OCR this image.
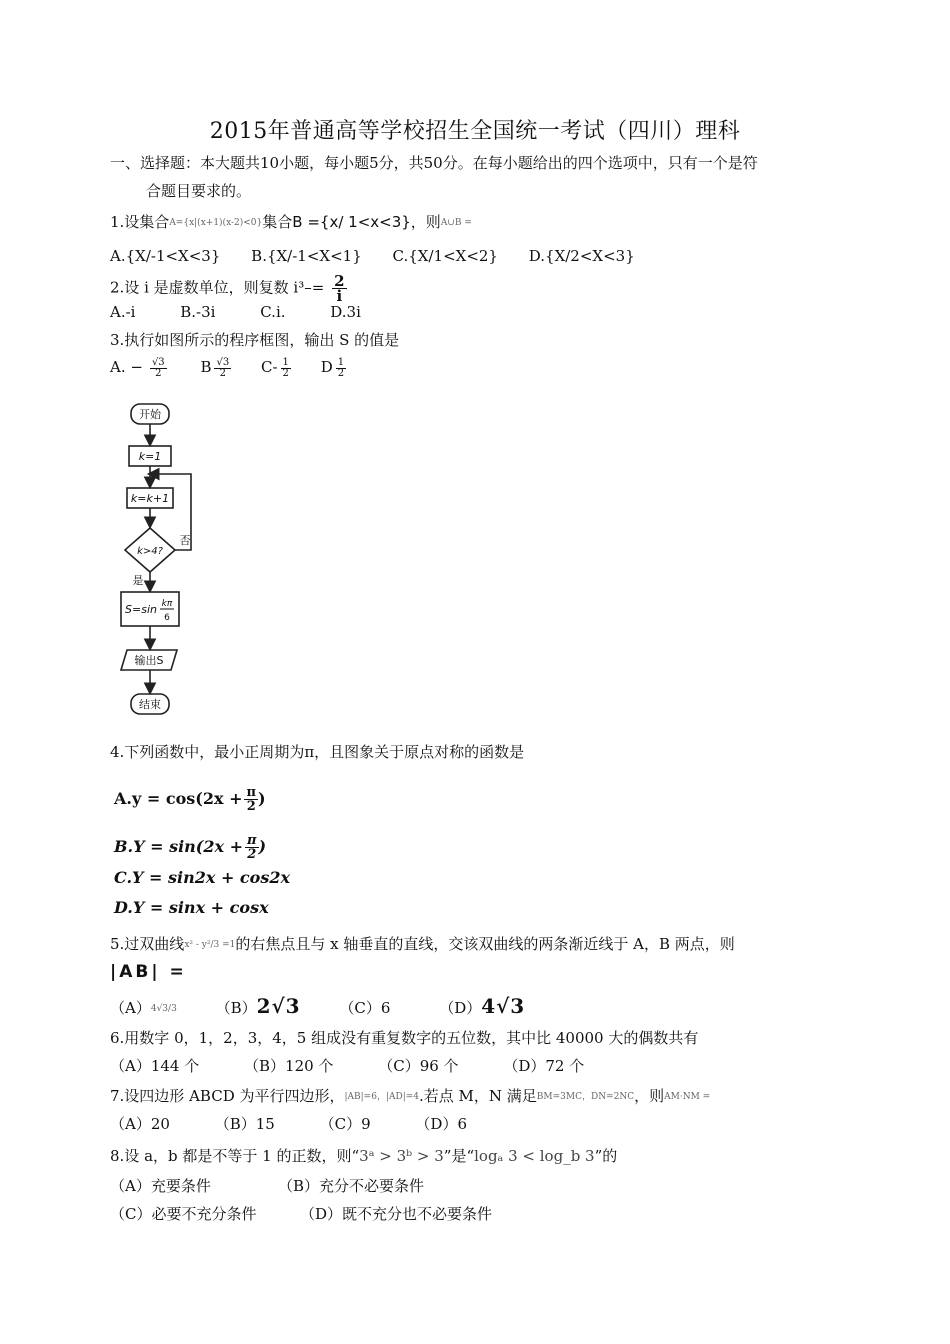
2015年普通高等学校招生全国统一考试（四川）理科
一、选择题：本大题共10小题，每小题5分，共50分。在每小题给出的四个选项中，只有一个是符
合题目要求的。
1.设集合A={x|(x+1)(x-2)<0}集合B ={x/ 1<x<3}，则A∪B =
A.{X/-1<X<3} B.{X/-1<X<1} C.{X/1<X<2} D.{X/2<X<3}
2.设 i 是虚数单位，则复数 $i^3-= \frac{2}{i}$
A.-i	B.-3i	C.i.	D.3i
3.执行如图所示的程序框图，输出 S 的值是
A. − $\frac{√3}{2}$ B $\frac{√3}{2} C- \frac{1}{2}$ D $\frac{1}{2}$
开始
k=1
k=k+1
k>4?
否
是
S=sin kπ
6
输出S
结束
4.下列函数中，最小正周期为π，且图象关于原点对称的函数是
$A.y = \cos(2x + \frac{\pi}{2}$ )
$B.Y = \sin(2x + \frac{\pi}{2}$ )
C.Y = sin2x + cos2x
D.Y = sinx + cosx
5.过双曲线x² - y²/3 =1的右焦点且与 x 轴垂直的直线，交该双曲线的两条渐近线于 A，B 两点，则
|AB| =
（A）4√3/3	（B）2√3	（C）6	（D）4√3
6.用数字 0，1，2，3，4，5 组成没有重复数字的五位数，其中比 40000 大的偶数共有
（A）144 个	（B）120 个	（C）96 个	（D）72 个
7.设四边形 ABCD 为平行四边形，|AB|=6，|AD|=4.若点 M，N 满足BM=3MC，DN=2NC，则AM·NM =
（A）20	（B）15	（C）9	（D）6
8.设 a，b 都是不等于 1 的正数，则“3ᵃ > 3ᵇ > 3”是“logₐ 3 < log_b 3”的
（A）充要条件	（B）充分不必要条件
（C）必要不充分条件	（D）既不充分也不必要条件
